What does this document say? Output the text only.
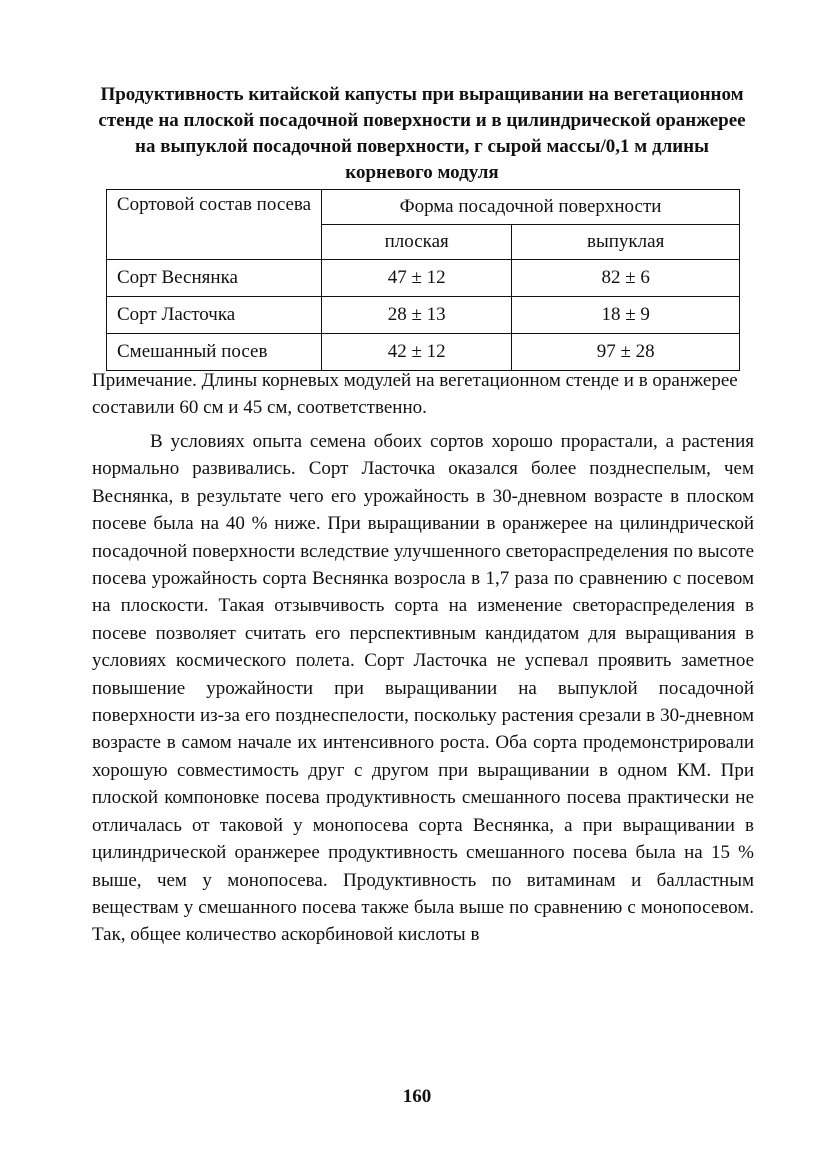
Продуктивность китайской капусты при выращивании на вегетационном стенде на плоской посадочной поверхности и в цилиндрической оранжерее на выпуклой посадочной поверхности, г сырой массы/0,1 м длины корневого модуля
Сортовой состав посева	Форма посадочной поверхности	
	плоская	выпуклая
Сорт Веснянка	47 ± 12	82 ± 6
Сорт Ласточка	28 ± 13	18 ± 9
Смешанный посев	42 ± 12	97 ± 28
Примечание. Длины корневых модулей на вегетационном стенде и в оранжерее составили 60 см и 45 см, соответственно.
В условиях опыта семена обоих сортов хорошо прорастали, а растения нормально развивались. Сорт Ласточка оказался более позднеспелым, чем Веснянка, в результате чего его урожайность в 30-дневном возрасте в плоском посеве была на 40 % ниже. При выращивании в оранжерее на цилиндрической посадочной поверхности вследствие улучшенного светораспределения по высоте посева урожайность сорта Веснянка возросла в 1,7 раза по сравнению с посевом на плоскости. Такая отзывчивость сорта на изменение светораспределения в посеве позволяет считать его перспективным кандидатом для выращивания в условиях космического полета. Сорт Ласточка не успевал проявить заметное повышение урожайности при выращивании на выпуклой посадочной поверхности из-за его позднеспелости, поскольку растения срезали в 30-дневном возрасте в самом начале их интенсивного роста. Оба сорта продемонстрировали хорошую совместимость друг с другом при выращивании в одном КМ. При плоской компоновке посева продуктивность смешанного посева практически не отличалась от таковой у монопосева сорта Веснянка, а при выращивании в цилиндрической оранжерее продуктивность смешанного посева была на 15 % выше, чем у монопосева. Продуктивность по витаминам и балластным веществам у смешанного посева также была выше по сравнению с монопосевом. Так, общее количество аскорбиновой кислоты в
160
